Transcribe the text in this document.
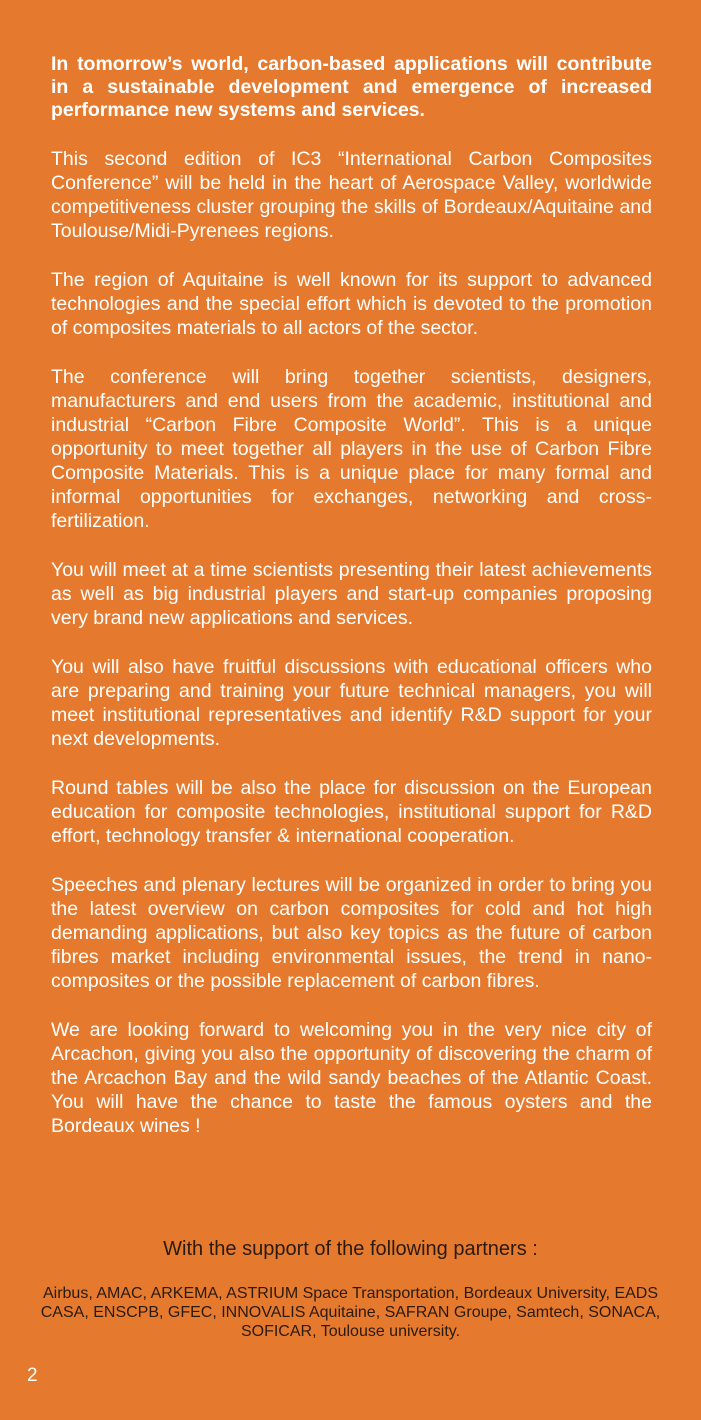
In tomorrow’s world, carbon-based applications will contribute in a sustainable development and emergence of increased performance new systems and services.

This second edition of IC3 “International Carbon Composites Conference” will be held in the heart of Aerospace Valley, worldwide competitiveness cluster grouping the skills of Bordeaux/Aquitaine and Toulouse/Midi-Pyrenees regions.

The region of Aquitaine is well known for its support to advanced technologies and the special effort which is devoted to the promotion of composites materials to all actors of the sector.

The conference will bring together scientists, designers, manufacturers and end users from the academic, institutional and industrial “Carbon Fibre Composite World”. This is a unique opportunity to meet together all players in the use of Carbon Fibre Composite Materials. This is a unique place for many formal and informal opportunities for exchanges, networking and cross-fertilization.

You will meet at a time scientists presenting their latest achievements as well as big industrial players and start-up companies proposing very brand new applications and services.

You will also have fruitful discussions with educational officers who are preparing and training your future technical managers, you will meet institutional representatives and identify R&D support for your next developments.

Round tables will be also the place for discussion on the European education for composite technologies, institutional support for R&D effort, technology transfer & international cooperation.

Speeches and plenary lectures will be organized in order to bring you the latest overview on carbon composites for cold and hot high demanding applications, but also key topics as the future of carbon fibres market including environmental issues, the trend in nano-composites or the possible replacement of carbon fibres.

We are looking forward to welcoming you in the very nice city of Arcachon, giving you also the opportunity of discovering the charm of the Arcachon Bay and the wild sandy beaches of the Atlantic Coast. You will have the chance to taste the famous oysters and the Bordeaux wines !

With the support of the following partners :
Airbus, AMAC, ARKEMA, ASTRIUM Space Transportation, Bordeaux University, EADS CASA, ENSCPB, GFEC, INNOVALIS Aquitaine, SAFRAN Groupe, Samtech, SONACA, SOFICAR, Toulouse university.
2
